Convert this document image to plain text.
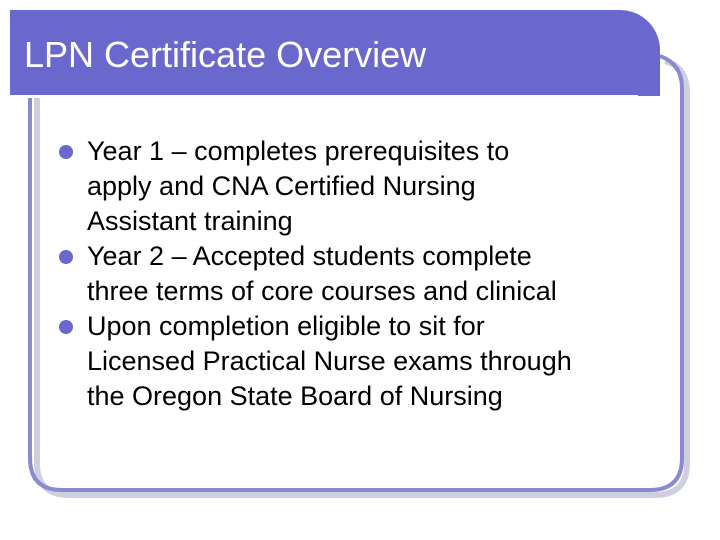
LPN Certificate Overview
Year 1 – completes prerequisites to
apply and CNA Certified Nursing
Assistant training
Year 2 – Accepted students complete
three terms of core courses and clinical
Upon completion eligible to sit for
Licensed Practical Nurse exams through
the Oregon State Board of Nursing
